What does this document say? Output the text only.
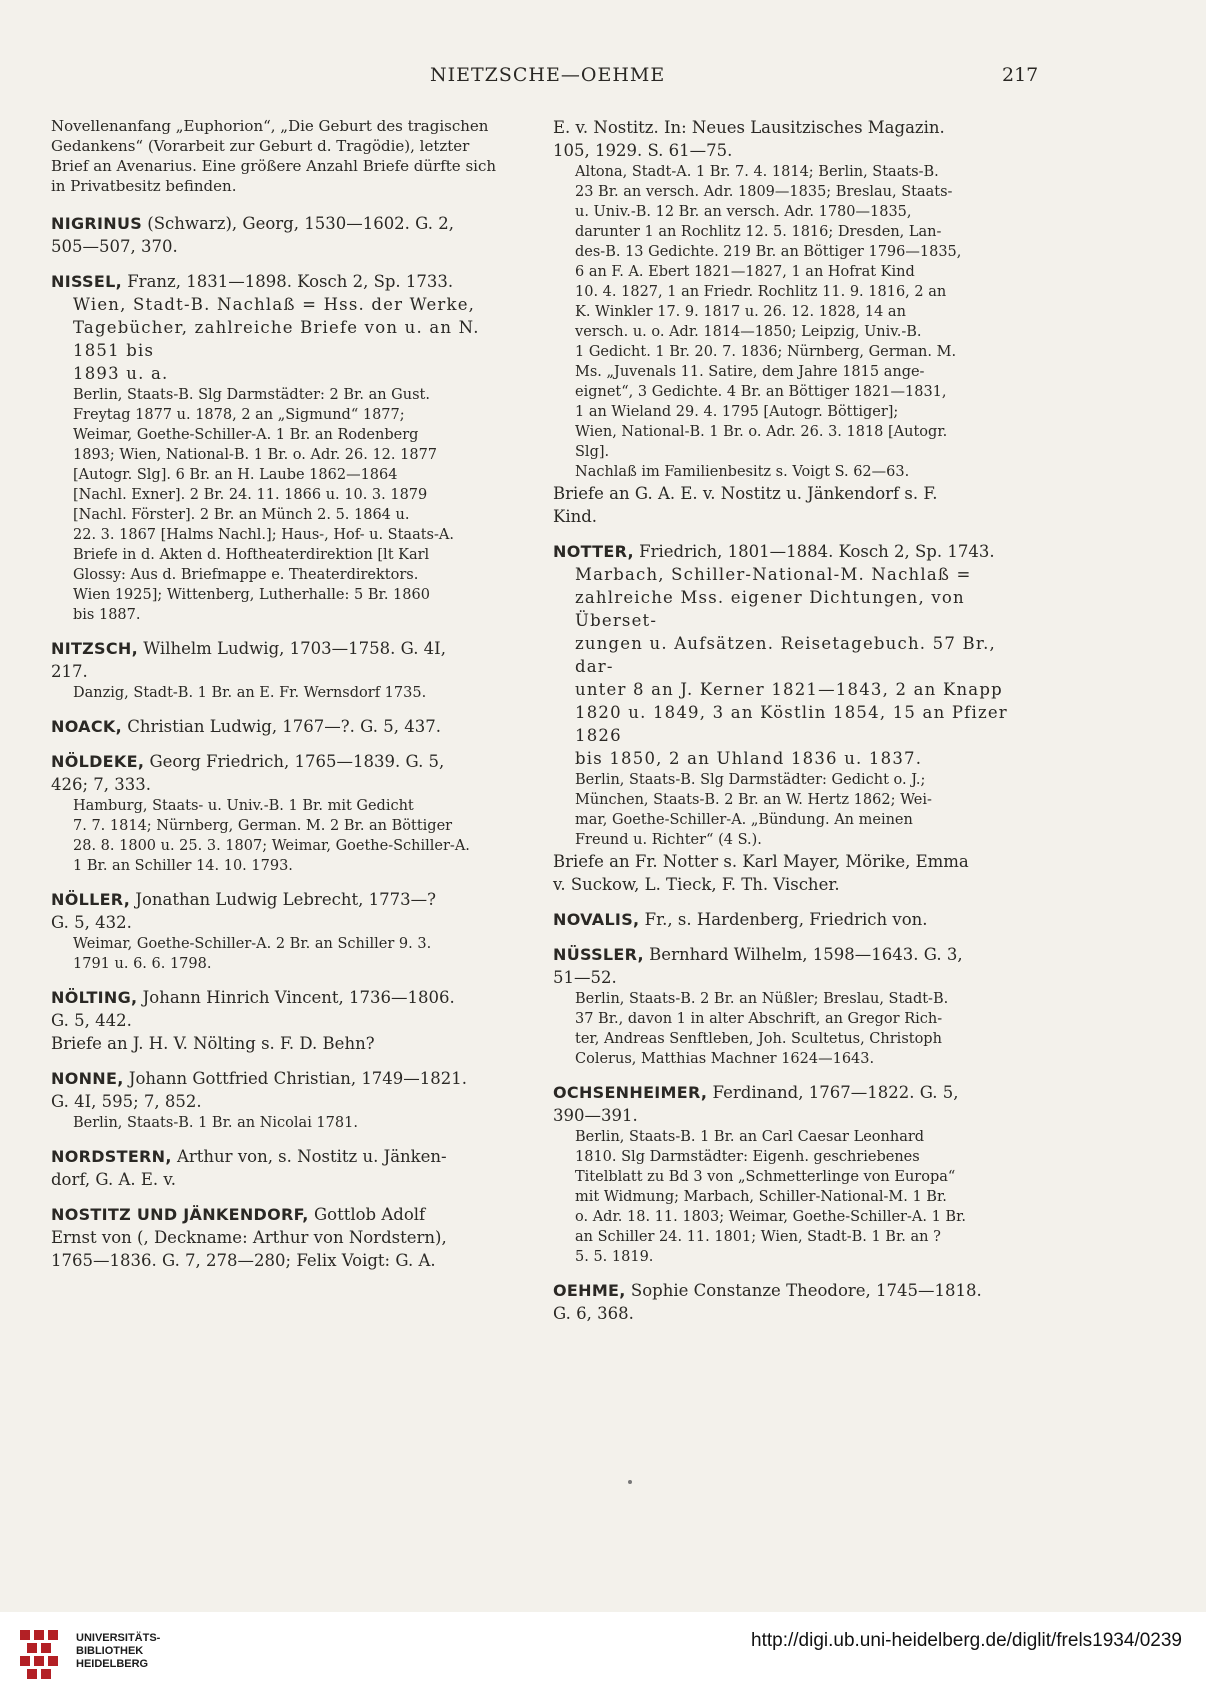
NIETZSCHE—OEHME	217
Novellenanfang „Euphorion“, „Die Geburt des tragischen
Gedankens“ (Vorarbeit zur Geburt d. Tragödie), letzter
Brief an Avenarius. Eine größere Anzahl Briefe dürfte sich
in Privatbesitz befinden.
NIGRINUS (Schwarz), Georg, 1530—1602. G. 2,
505—507, 370.
NISSEL, Franz, 1831—1898. Kosch 2, Sp. 1733.
Wien, Stadt-B. Nachlaß = Hss. der Werke,
Tagebücher, zahlreiche Briefe von u. an N. 1851 bis
1893 u. a.
Berlin, Staats-B. Slg Darmstädter: 2 Br. an Gust.
Freytag 1877 u. 1878, 2 an „Sigmund“ 1877;
Weimar, Goethe-Schiller-A. 1 Br. an Rodenberg
1893; Wien, National-B. 1 Br. o. Adr. 26. 12. 1877
[Autogr. Slg]. 6 Br. an H. Laube 1862—1864
[Nachl. Exner]. 2 Br. 24. 11. 1866 u. 10. 3. 1879
[Nachl. Förster]. 2 Br. an Münch 2. 5. 1864 u.
22. 3. 1867 [Halms Nachl.]; Haus-, Hof- u. Staats-A.
Briefe in d. Akten d. Hoftheaterdirektion [lt Karl
Glossy: Aus d. Briefmappe e. Theaterdirektors.
Wien 1925]; Wittenberg, Lutherhalle: 5 Br. 1860
bis 1887.
NITZSCH, Wilhelm Ludwig, 1703—1758. G. 4I,
217.
Danzig, Stadt-B. 1 Br. an E. Fr. Wernsdorf 1735.
NOACK, Christian Ludwig, 1767—?. G. 5, 437.
NÖLDEKE, Georg Friedrich, 1765—1839. G. 5,
426; 7, 333.
Hamburg, Staats- u. Univ.-B. 1 Br. mit Gedicht
7. 7. 1814; Nürnberg, German. M. 2 Br. an Böttiger
28. 8. 1800 u. 25. 3. 1807; Weimar, Goethe-Schiller-A.
1 Br. an Schiller 14. 10. 1793.
NÖLLER, Jonathan Ludwig Lebrecht, 1773—?
G. 5, 432.
Weimar, Goethe-Schiller-A. 2 Br. an Schiller 9. 3.
1791 u. 6. 6. 1798.
NÖLTING, Johann Hinrich Vincent, 1736—1806.
G. 5, 442.
Briefe an J. H. V. Nölting s. F. D. Behn?
NONNE, Johann Gottfried Christian, 1749—1821.
G. 4I, 595; 7, 852.
Berlin, Staats-B. 1 Br. an Nicolai 1781.
NORDSTERN, Arthur von, s. Nostitz u. Jänken-
dorf, G. A. E. v.
NOSTITZ UND JÄNKENDORF, Gottlob Adolf
Ernst von (, Deckname: Arthur von Nordstern),
1765—1836. G. 7, 278—280; Felix Voigt: G. A.
E. v. Nostitz. In: Neues Lausitzisches Magazin.
105, 1929. S. 61—75.
Altona, Stadt-A. 1 Br. 7. 4. 1814; Berlin, Staats-B.
23 Br. an versch. Adr. 1809—1835; Breslau, Staats-
u. Univ.-B. 12 Br. an versch. Adr. 1780—1835,
darunter 1 an Rochlitz 12. 5. 1816; Dresden, Lan-
des-B. 13 Gedichte. 219 Br. an Böttiger 1796—1835,
6 an F. A. Ebert 1821—1827, 1 an Hofrat Kind
10. 4. 1827, 1 an Friedr. Rochlitz 11. 9. 1816, 2 an
K. Winkler 17. 9. 1817 u. 26. 12. 1828, 14 an
versch. u. o. Adr. 1814—1850; Leipzig, Univ.-B.
1 Gedicht. 1 Br. 20. 7. 1836; Nürnberg, German. M.
Ms. „Juvenals 11. Satire, dem Jahre 1815 ange-
eignet“, 3 Gedichte. 4 Br. an Böttiger 1821—1831,
1 an Wieland 29. 4. 1795 [Autogr. Böttiger];
Wien, National-B. 1 Br. o. Adr. 26. 3. 1818 [Autogr.
Slg].
Nachlaß im Familienbesitz s. Voigt S. 62—63.
Briefe an G. A. E. v. Nostitz u. Jänkendorf s. F.
Kind.
NOTTER, Friedrich, 1801—1884. Kosch 2, Sp. 1743.
Marbach, Schiller-National-M. Nachlaß =
zahlreiche Mss. eigener Dichtungen, von Überset-
zungen u. Aufsätzen. Reisetagebuch. 57 Br., dar-
unter 8 an J. Kerner 1821—1843, 2 an Knapp
1820 u. 1849, 3 an Köstlin 1854, 15 an Pfizer 1826
bis 1850, 2 an Uhland 1836 u. 1837.
Berlin, Staats-B. Slg Darmstädter: Gedicht o. J.;
München, Staats-B. 2 Br. an W. Hertz 1862; Wei-
mar, Goethe-Schiller-A. „Bündung. An meinen
Freund u. Richter“ (4 S.).
Briefe an Fr. Notter s. Karl Mayer, Mörike, Emma
v. Suckow, L. Tieck, F. Th. Vischer.
NOVALIS, Fr., s. Hardenberg, Friedrich von.
NÜSSLER, Bernhard Wilhelm, 1598—1643. G. 3,
51—52.
Berlin, Staats-B. 2 Br. an Nüßler; Breslau, Stadt-B.
37 Br., davon 1 in alter Abschrift, an Gregor Rich-
ter, Andreas Senftleben, Joh. Scultetus, Christoph
Colerus, Matthias Machner 1624—1643.
OCHSENHEIMER, Ferdinand, 1767—1822. G. 5,
390—391.
Berlin, Staats-B. 1 Br. an Carl Caesar Leonhard
1810. Slg Darmstädter: Eigenh. geschriebenes
Titelblatt zu Bd 3 von „Schmetterlinge von Europa“
mit Widmung; Marbach, Schiller-National-M. 1 Br.
o. Adr. 18. 11. 1803; Weimar, Goethe-Schiller-A. 1 Br.
an Schiller 24. 11. 1801; Wien, Stadt-B. 1 Br. an ?
5. 5. 1819.
OEHME, Sophie Constanze Theodore, 1745—1818.
G. 6, 368.
UNIVERSITÄTS-
BIBLIOTHEK
HEIDELBERG
http://digi.ub.uni-heidelberg.de/diglit/frels1934/0239
